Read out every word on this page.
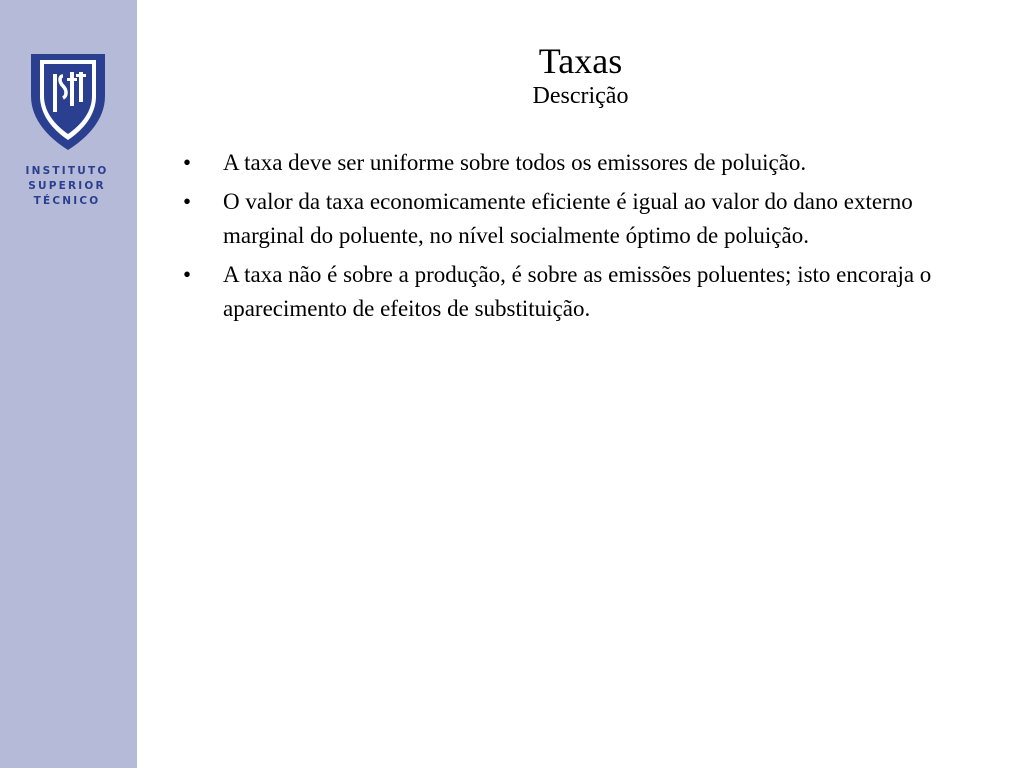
INSTITUTO
SUPERIOR
TÉCNICO
Taxas
Descrição
• A taxa deve ser uniforme sobre todos os emissores de poluição.
• O valor da taxa economicamente eficiente é igual ao valor do dano externo marginal do poluente, no nível socialmente óptimo de poluição.
• A taxa não é sobre a produção, é sobre as emissões poluentes; isto encoraja o aparecimento de efeitos de substituição.
